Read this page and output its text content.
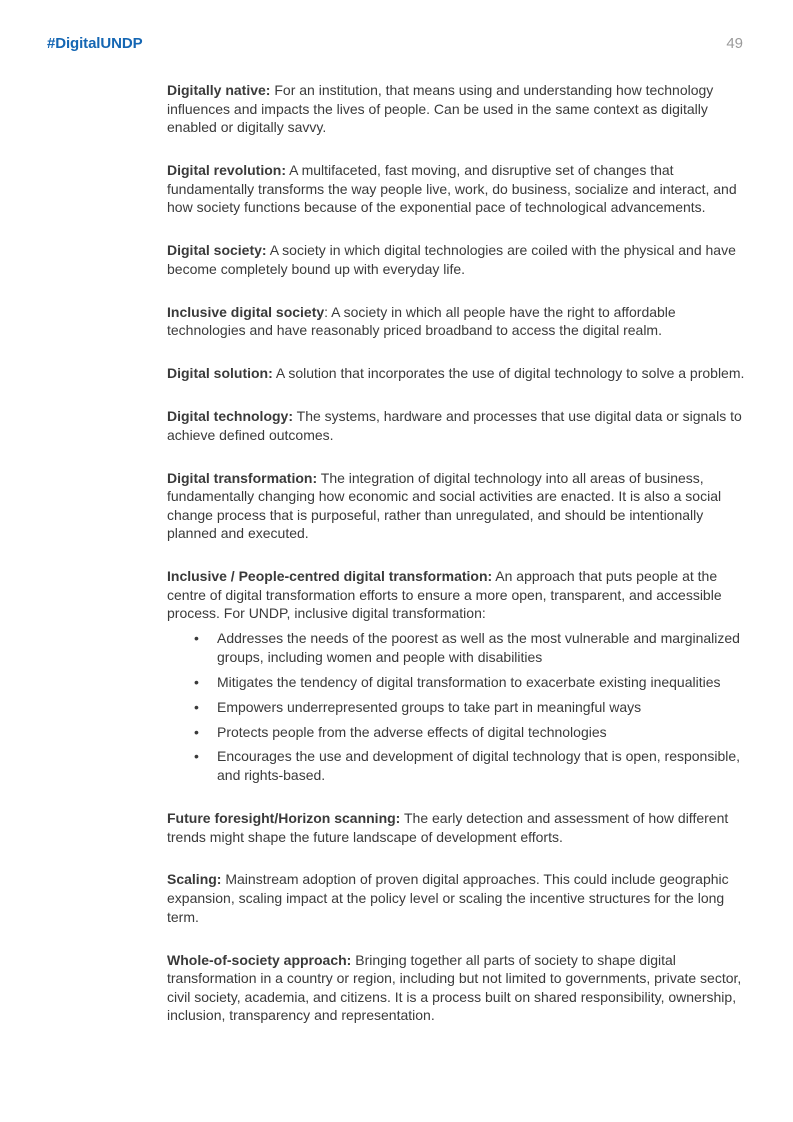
#DigitalUNDP	49

Digitally native: For an institution, that means using and understanding how technology influences and impacts the lives of people. Can be used in the same context as digitally enabled or digitally savvy.

Digital revolution: A multifaceted, fast moving, and disruptive set of changes that fundamentally transforms the way people live, work, do business, socialize and interact, and how society functions because of the exponential pace of technological advancements.

Digital society: A society in which digital technologies are coiled with the physical and have become completely bound up with everyday life.

Inclusive digital society: A society in which all people have the right to affordable technologies and have reasonably priced broadband to access the digital realm.

Digital solution: A solution that incorporates the use of digital technology to solve a problem.

Digital technology: The systems, hardware and processes that use digital data or signals to achieve defined outcomes.

Digital transformation: The integration of digital technology into all areas of business, fundamentally changing how economic and social activities are enacted. It is also a social change process that is purposeful, rather than unregulated, and should be intentionally planned and executed.

Inclusive / People-centred digital transformation: An approach that puts people at the centre of digital transformation efforts to ensure a more open, transparent, and accessible process. For UNDP, inclusive digital transformation:
• Addresses the needs of the poorest as well as the most vulnerable and marginalized groups, including women and people with disabilities
• Mitigates the tendency of digital transformation to exacerbate existing inequalities
• Empowers underrepresented groups to take part in meaningful ways
• Protects people from the adverse effects of digital technologies
• Encourages the use and development of digital technology that is open, responsible, and rights-based.

Future foresight/Horizon scanning: The early detection and assessment of how different trends might shape the future landscape of development efforts.

Scaling: Mainstream adoption of proven digital approaches. This could include geographic expansion, scaling impact at the policy level or scaling the incentive structures for the long term.

Whole-of-society approach: Bringing together all parts of society to shape digital transformation in a country or region, including but not limited to governments, private sector, civil society, academia, and citizens. It is a process built on shared responsibility, ownership, inclusion, transparency and representation.
